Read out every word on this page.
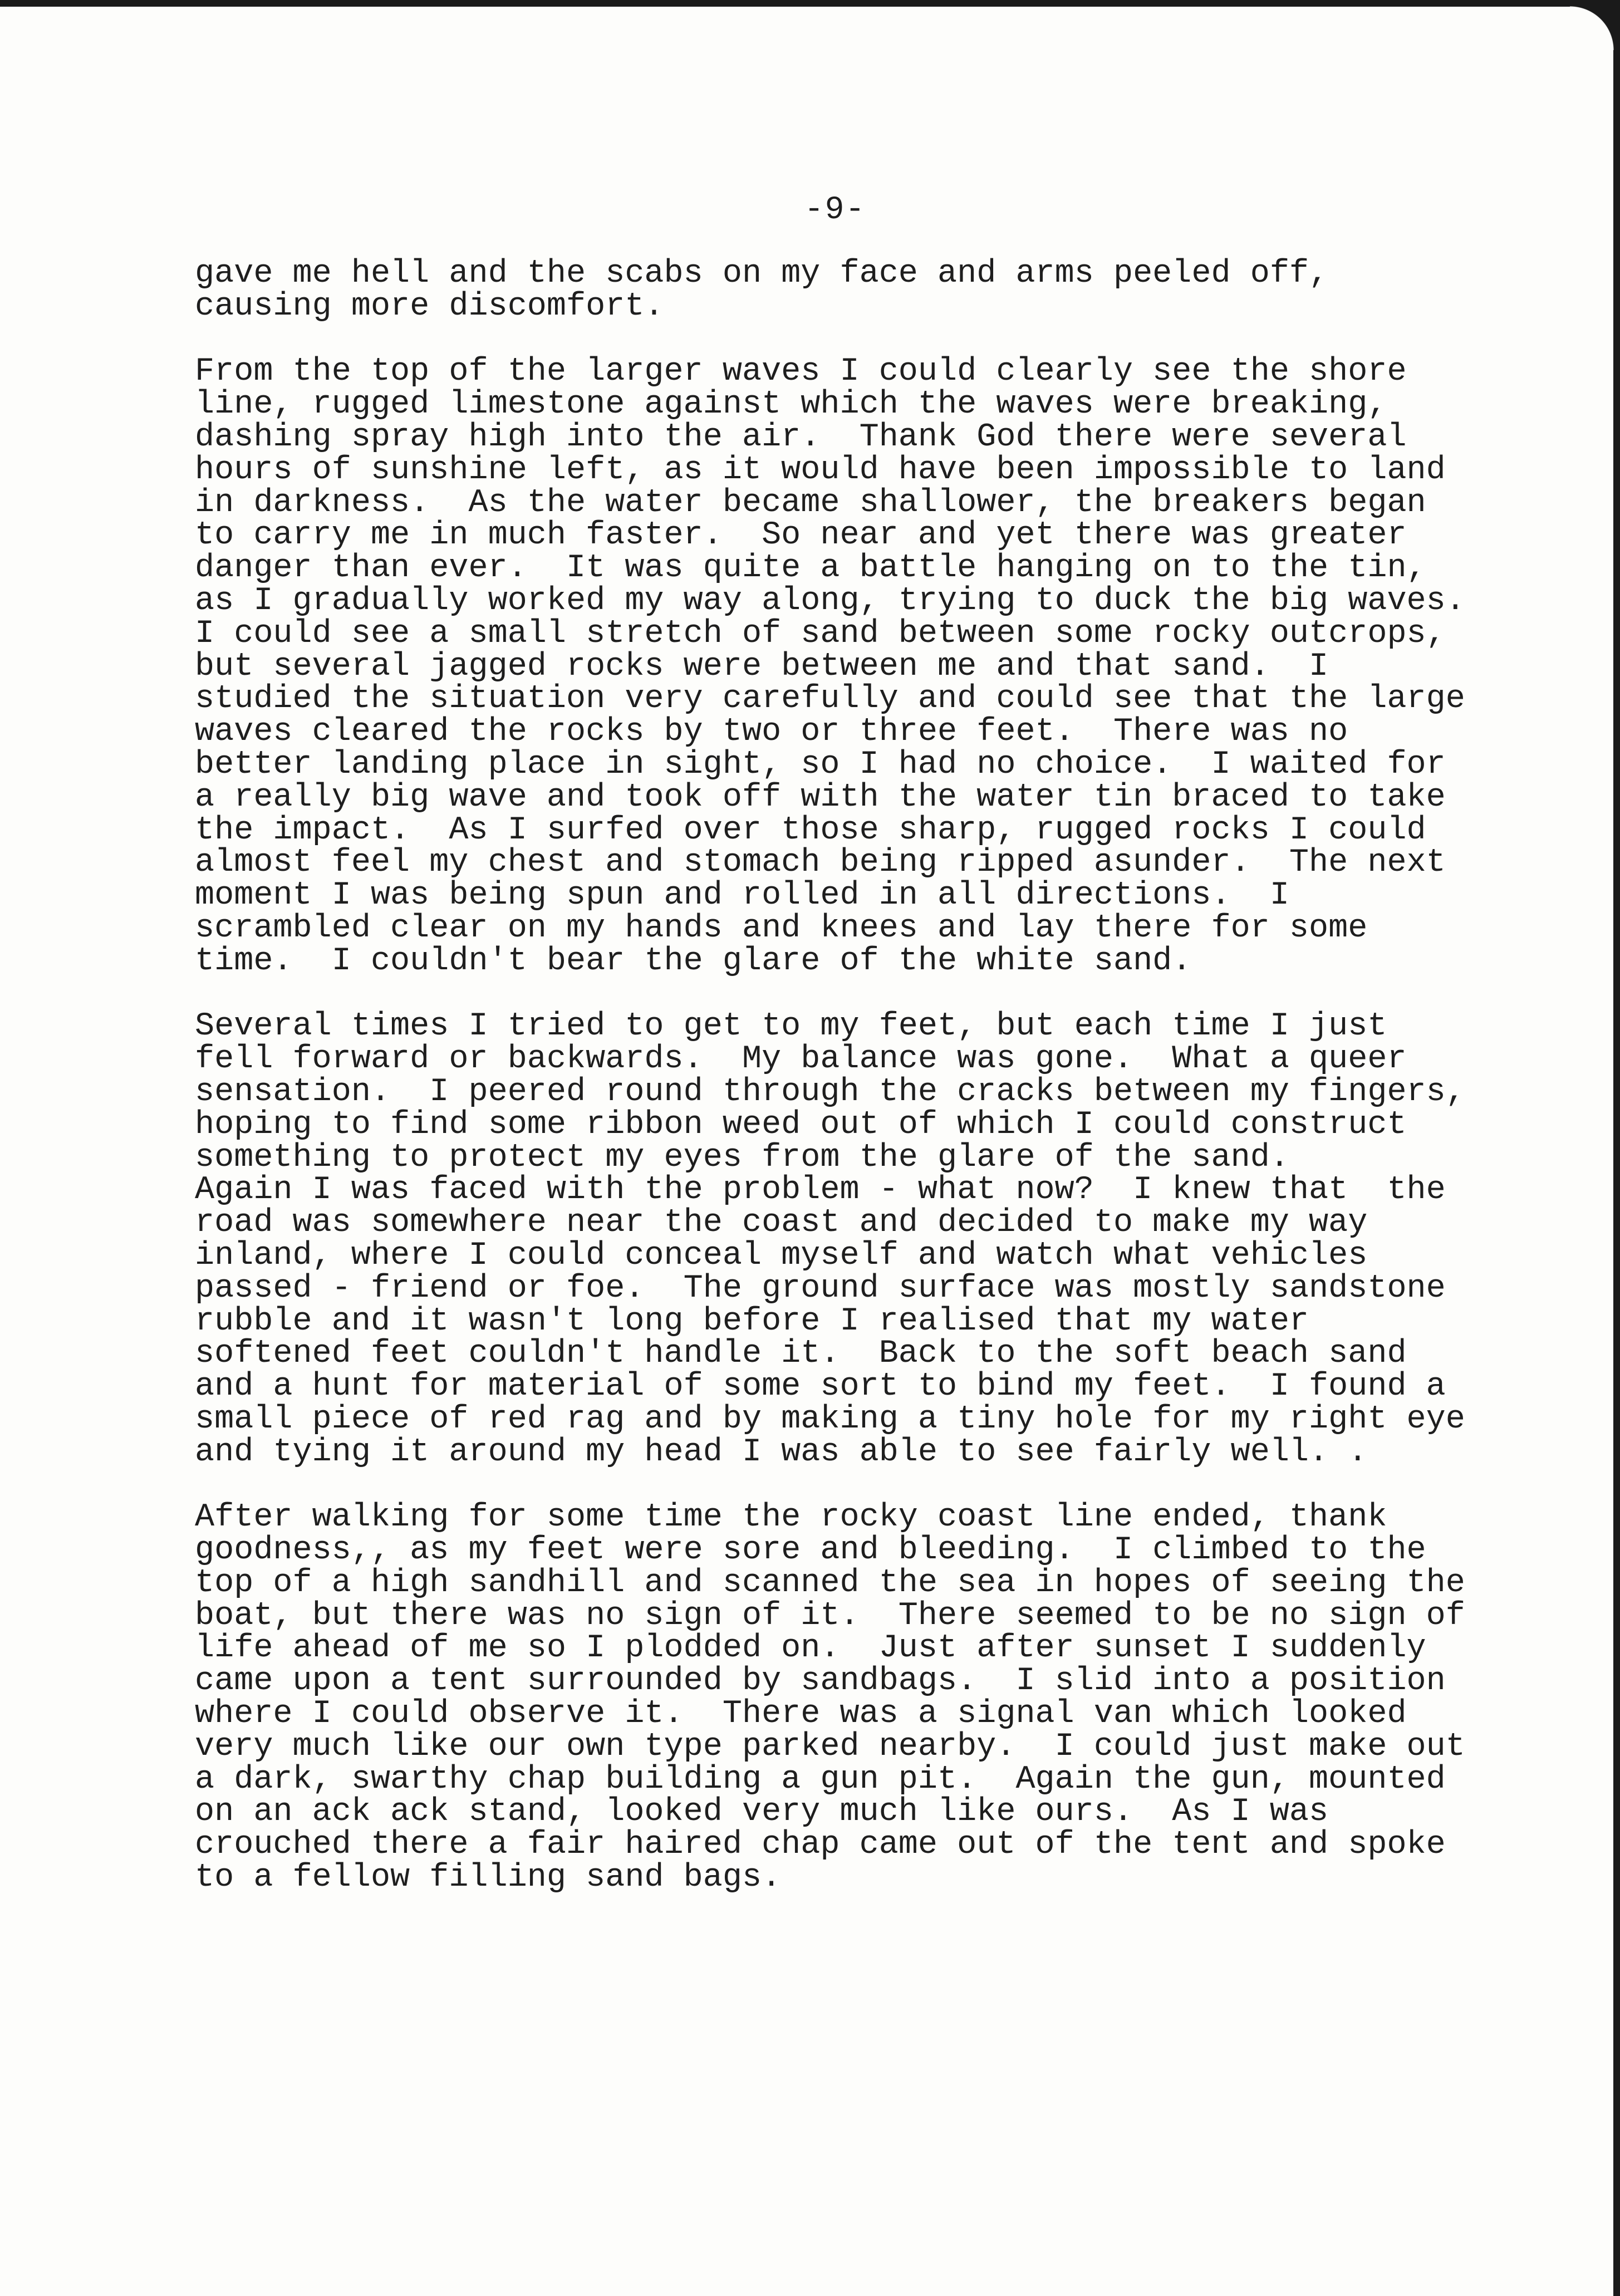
-9-
gave me hell and the scabs on my face and arms peeled off,
causing more discomfort.
From the top of the larger waves I could clearly see the shore
line, rugged limestone against which the waves were breaking,
dashing spray high into the air.  Thank God there were several
hours of sunshine left, as it would have been impossible to land
in darkness.  As the water became shallower, the breakers began
to carry me in much faster.  So near and yet there was greater
danger than ever.  It was quite a battle hanging on to the tin,
as I gradually worked my way along, trying to duck the big waves.
I could see a small stretch of sand between some rocky outcrops,
but several jagged rocks were between me and that sand.  I
studied the situation very carefully and could see that the large
waves cleared the rocks by two or three feet.  There was no
better landing place in sight, so I had no choice.  I waited for
a really big wave and took off with the water tin braced to take
the impact.  As I surfed over those sharp, rugged rocks I could
almost feel my chest and stomach being ripped asunder.  The next
moment I was being spun and rolled in all directions.  I
scrambled clear on my hands and knees and lay there for some
time.  I couldn't bear the glare of the white sand.
Several times I tried to get to my feet, but each time I just
fell forward or backwards.  My balance was gone.  What a queer
sensation.  I peered round through the cracks between my fingers,
hoping to find some ribbon weed out of which I could construct
something to protect my eyes from the glare of the sand.
Again I was faced with the problem - what now?  I knew that  the
road was somewhere near the coast and decided to make my way
inland, where I could conceal myself and watch what vehicles
passed - friend or foe.  The ground surface was mostly sandstone
rubble and it wasn't long before I realised that my water
softened feet couldn't handle it.  Back to the soft beach sand
and a hunt for material of some sort to bind my feet.  I found a
small piece of red rag and by making a tiny hole for my right eye
and tying it around my head I was able to see fairly well. .
After walking for some time the rocky coast line ended, thank
goodness,, as my feet were sore and bleeding.  I climbed to the
top of a high sandhill and scanned the sea in hopes of seeing the
boat, but there was no sign of it.  There seemed to be no sign of
life ahead of me so I plodded on.  Just after sunset I suddenly
came upon a tent surrounded by sandbags.  I slid into a position
where I could observe it.  There was a signal van which looked
very much like our own type parked nearby.  I could just make out
a dark, swarthy chap building a gun pit.  Again the gun, mounted
on an ack ack stand, looked very much like ours.  As I was
crouched there a fair haired chap came out of the tent and spoke
to a fellow filling sand bags.
